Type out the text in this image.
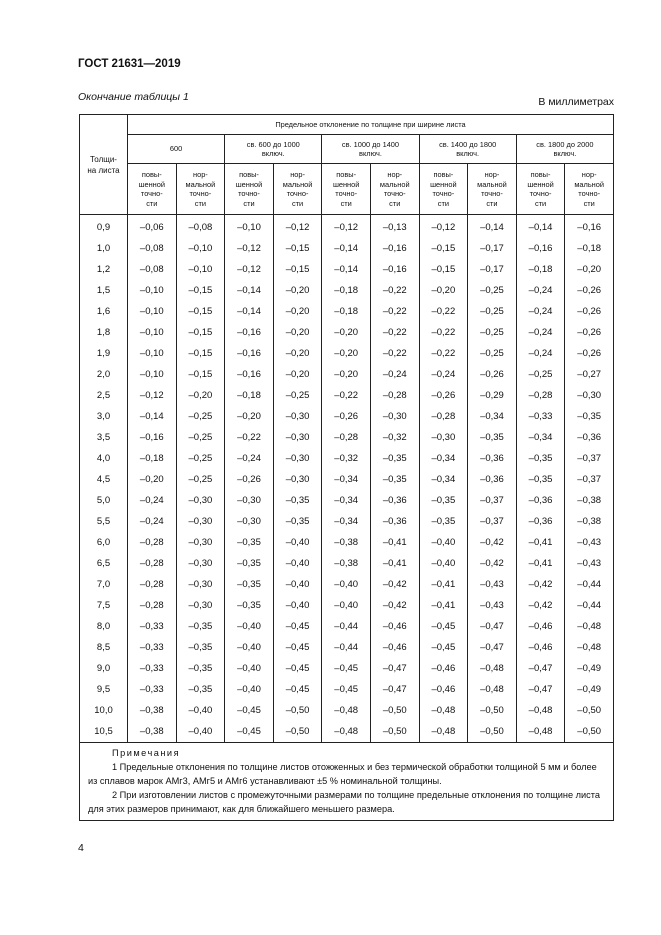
ГОСТ 21631—2019
Окончание таблицы 1	В миллиметрах
Толщи-на листа	Предельное отклонение по толщине при ширине листа									
	600		св. 600 до 1000 включ.		св. 1000 до 1400 включ.		св. 1400 до 1800 включ.		св. 1800 до 2000 включ.	
	повы-шенной точно-сти	нор-мальной точно-сти	повы-шенной точно-сти	нор-мальной точно-сти	повы-шенной точно-сти	нор-мальной точно-сти	повы-шенной точно-сти	нор-мальной точно-сти	повы-шенной точно-сти	нор-мальной точно-сти
0,9	–0,06	–0,08	–0,10	–0,12	–0,12	–0,13	–0,12	–0,14	–0,14	–0,16
1,0	–0,08	–0,10	–0,12	–0,15	–0,14	–0,16	–0,15	–0,17	–0,16	–0,18
1,2	–0,08	–0,10	–0,12	–0,15	–0,14	–0,16	–0,15	–0,17	–0,18	–0,20
1,5	–0,10	–0,15	–0,14	–0,20	–0,18	–0,22	–0,20	–0,25	–0,24	–0,26
1,6	–0,10	–0,15	–0,14	–0,20	–0,18	–0,22	–0,22	–0,25	–0,24	–0,26
1,8	–0,10	–0,15	–0,16	–0,20	–0,20	–0,22	–0,22	–0,25	–0,24	–0,26
1,9	–0,10	–0,15	–0,16	–0,20	–0,20	–0,22	–0,22	–0,25	–0,24	–0,26
2,0	–0,10	–0,15	–0,16	–0,20	–0,20	–0,24	–0,24	–0,26	–0,25	–0,27
2,5	–0,12	–0,20	–0,18	–0,25	–0,22	–0,28	–0,26	–0,29	–0,28	–0,30
3,0	–0,14	–0,25	–0,20	–0,30	–0,26	–0,30	–0,28	–0,34	–0,33	–0,35
3,5	–0,16	–0,25	–0,22	–0,30	–0,28	–0,32	–0,30	–0,35	–0,34	–0,36
4,0	–0,18	–0,25	–0,24	–0,30	–0,32	–0,35	–0,34	–0,36	–0,35	–0,37
4,5	–0,20	–0,25	–0,26	–0,30	–0,34	–0,35	–0,34	–0,36	–0,35	–0,37
5,0	–0,24	–0,30	–0,30	–0,35	–0,34	–0,36	–0,35	–0,37	–0,36	–0,38
5,5	–0,24	–0,30	–0,30	–0,35	–0,34	–0,36	–0,35	–0,37	–0,36	–0,38
6,0	–0,28	–0,30	–0,35	–0,40	–0,38	–0,41	–0,40	–0,42	–0,41	–0,43
6,5	–0,28	–0,30	–0,35	–0,40	–0,38	–0,41	–0,40	–0,42	–0,41	–0,43
7,0	–0,28	–0,30	–0,35	–0,40	–0,40	–0,42	–0,41	–0,43	–0,42	–0,44
7,5	–0,28	–0,30	–0,35	–0,40	–0,40	–0,42	–0,41	–0,43	–0,42	–0,44
8,0	–0,33	–0,35	–0,40	–0,45	–0,44	–0,46	–0,45	–0,47	–0,46	–0,48
8,5	–0,33	–0,35	–0,40	–0,45	–0,44	–0,46	–0,45	–0,47	–0,46	–0,48
9,0	–0,33	–0,35	–0,40	–0,45	–0,45	–0,47	–0,46	–0,48	–0,47	–0,49
9,5	–0,33	–0,35	–0,40	–0,45	–0,45	–0,47	–0,46	–0,48	–0,47	–0,49
10,0	–0,38	–0,40	–0,45	–0,50	–0,48	–0,50	–0,48	–0,50	–0,48	–0,50
10,5	–0,38	–0,40	–0,45	–0,50	–0,48	–0,50	–0,48	–0,50	–0,48	–0,50

Примечания
1 Предельные отклонения по толщине листов отожженных и без термической обработки толщиной 5 мм и более из сплавов марок АМг3, АМг5 и АМг6 устанавливают ±5 % номинальной толщины.
2 При изготовлении листов с промежуточными размерами по толщине предельные отклонения по толщине листа для этих размеров принимают, как для ближайшего меньшего размера.										
4
